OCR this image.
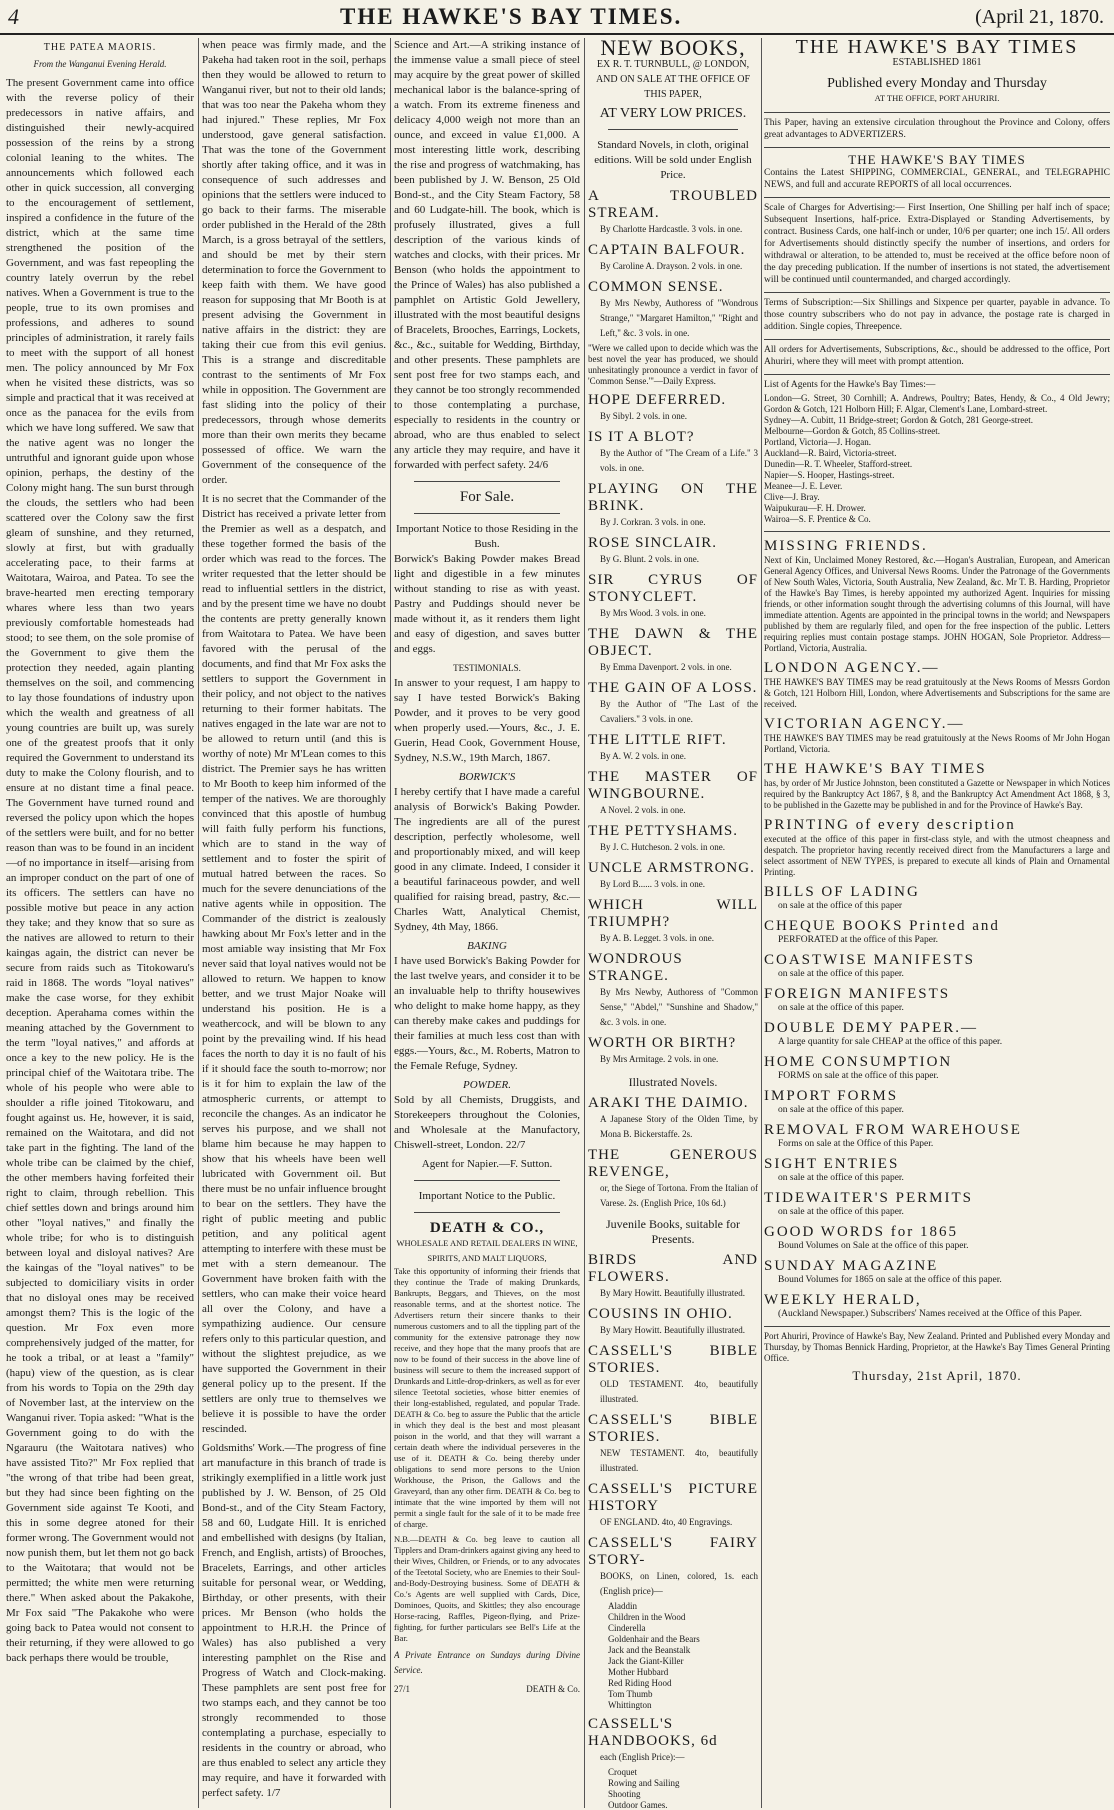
4	THE HAWKE'S BAY TIMES.	(April 21, 1870.
THE PATEA MAORIS.
From the Wanganui Evening Herald.

The present Government came into office with the reverse policy of their predecessors in native affairs, and distinguished their newly-acquired possession of the reins by a strong colonial leaning to the whites. The announcements which followed each other in quick succession, all converging to the encouragement of settlement, inspired a confidence in the future of the district, which at the same time strengthened the position of the Government, and was fast repeopling the country lately overrun by the rebel natives. When a Government is true to the people, true to its own promises and professions, and adheres to sound principles of administration, it rarely fails to meet with the support of all honest men. The policy announced by Mr Fox when he visited these districts, was so simple and practical that it was received at once as the panacea for the evils from which we have long suffered. We saw that the native agent was no longer the untruthful and ignorant guide upon whose opinion, perhaps, the destiny of the Colony might hang. The sun burst through the clouds, the settlers who had been scattered over the Colony saw the first gleam of sunshine, and they returned, slowly at first, but with gradually accelerating pace, to their farms at Waitotara, Wairoa, and Patea. To see the brave-hearted men erecting temporary whares where less than two years previously comfortable homesteads had stood; to see them, on the sole promise of the Government to give them the protection they needed, again planting themselves on the soil, and commencing to lay those foundations of industry upon which the wealth and greatness of all young countries are built up, was surely one of the greatest proofs that it only required the Government to understand its duty to make the Colony flourish, and to ensure at no distant time a final peace. The Government have turned round and reversed the policy upon which the hopes of the settlers were built, and for no better reason than was to be found in an incident—of no importance in itself—arising from an improper conduct on the part of one of its officers. The settlers can have no possible motive but peace in any action they take; and they know that so sure as the natives are allowed to return to their kaingas again, the district can never be secure from raids such as Titokowaru's raid in 1868. The words "loyal natives" make the case worse, for they exhibit deception. Aperahama comes within the meaning attached by the Government to the term "loyal natives," and affords at once a key to the new policy. He is the principal chief of the Waitotara tribe. The whole of his people who were able to shoulder a rifle joined Titokowaru, and fought against us. He, however, it is said, remained on the Waitotara, and did not take part in the fighting. The land of the whole tribe can be claimed by the chief, the other members having forfeited their right to claim, through rebellion. This chief settles down and brings around him other "loyal natives," and finally the whole tribe; for who is to distinguish between loyal and disloyal natives? Are the kaingas of the "loyal natives" to be subjected to domiciliary visits in order that no disloyal ones may be received amongst them? This is the logic of the question. Mr Fox even more comprehensively judged of the matter, for he took a tribal, or at least a "family" (hapu) view of the question, as is clear from his words to Topia on the 29th day of November last, at the interview on the Wanganui river. Topia asked: "What is the Government going to do with the Ngarauru (the Waitotara natives) who have assisted Tito?" Mr Fox replied that "the wrong of that tribe had been great, but they had since been fighting on the Government side against Te Kooti, and this in some degree atoned for their former wrong. The Government would not now punish them, but let them not go back to the Waitotara; that would not be permitted; the white men were returning there." When asked about the Pakakohe, Mr Fox said "The Pakakohe who were going back to Patea would not consent to their returning, if they were allowed to go back perhaps there would be trouble,

when peace was firmly made, and the Pakeha had taken root in the soil, perhaps then they would be allowed to return to Wanganui river, but not to their old lands; that was too near the Pakeha whom they had injured." These replies, Mr Fox understood, gave general satisfaction. That was the tone of the Government shortly after taking office, and it was in consequence of such addresses and opinions that the settlers were induced to go back to their farms. The miserable order published in the Herald of the 28th March, is a gross betrayal of the settlers, and should be met by their stern determination to force the Government to keep faith with them. We have good reason for supposing that Mr Booth is at present advising the Government in native affairs in the district: they are taking their cue from this evil genius. This is a strange and discreditable contrast to the sentiments of Mr Fox while in opposition. The Government are fast sliding into the policy of their predecessors, through whose demerits more than their own merits they became possessed of office. We warn the Government of the consequence of the order.

It is no secret that the Commander of the District has received a private letter from the Premier as well as a despatch, and these together formed the basis of the order which was read to the forces. The writer requested that the letter should be read to influential settlers in the district, and by the present time we have no doubt the contents are pretty generally known from Waitotara to Patea. We have been favored with the perusal of the documents, and find that Mr Fox asks the settlers to support the Government in their policy, and not object to the natives returning to their former habitats. The natives engaged in the late war are not to be allowed to return until (and this is worthy of note) Mr M'Lean comes to this district. The Premier says he has written to Mr Booth to keep him informed of the temper of the natives. We are thoroughly convinced that this apostle of humbug will faith fully perform his functions, which are to stand in the way of settlement and to foster the spirit of mutual hatred between the races. So much for the severe denunciations of the native agents while in opposition. The Commander of the district is zealously hawking about Mr Fox's letter and in the most amiable way insisting that Mr Fox never said that loyal natives would not be allowed to return. We happen to know better, and we trust Major Noake will understand his position. He is a weathercock, and will be blown to any point by the prevailing wind. If his head faces the north to day it is no fault of his if it should face the south to-morrow; nor is it for him to explain the law of the atmospheric currents, or attempt to reconcile the changes. As an indicator he serves his purpose, and we shall not blame him because he may happen to show that his wheels have been well lubricated with Government oil. But there must be no unfair influence brought to bear on the settlers. They have the right of public meeting and public petition, and any political agent attempting to interfere with these must be met with a stern demeanour. The Government have broken faith with the settlers, who can make their voice heard all over the Colony, and have a sympathizing audience. Our censure refers only to this particular question, and without the slightest prejudice, as we have supported the Government in their general policy up to the present. If the settlers are only true to themselves we believe it is possible to have the order rescinded.

Goldsmiths' Work.—The progress of fine art manufacture in this branch of trade is strikingly exemplified in a little work just published by J. W. Benson, of 25 Old Bond-st., and of the City Steam Factory, 58 and 60, Ludgate Hill. It is enriched and embellished with designs (by Italian, French, and English, artists) of Brooches, Bracelets, Earrings, and other articles suitable for personal wear, or Wedding, Birthday, or other presents, with their prices. Mr Benson (who holds the appointment to H.R.H. the Prince of Wales) has also published a very interesting pamphlet on the Rise and Progress of Watch and Clock-making. These pamphlets are sent post free for two stamps each, and they cannot be too strongly recommended to those contemplating a purchase, especially to residents in the country or abroad, who are thus enabled to select any article they may require, and have it forwarded with perfect safety. 1/7

Science and Art.—A striking instance of the immense value a small piece of steel may acquire by the great power of skilled mechanical labor is the balance-spring of a watch. From its extreme fineness and delicacy 4,000 weigh not more than an ounce, and exceed in value £1,000. A most interesting little work, describing the rise and progress of watchmaking, has been published by J. W. Benson, 25 Old Bond-st., and the City Steam Factory, 58 and 60 Ludgate-hill. The book, which is profusely illustrated, gives a full description of the various kinds of watches and clocks, with their prices. Mr Benson (who holds the appointment to the Prince of Wales) has also published a pamphlet on Artistic Gold Jewellery, illustrated with the most beautiful designs of Bracelets, Brooches, Earrings, Lockets, &c., &c., suitable for Wedding, Birthday, and other presents. These pamphlets are sent post free for two stamps each, and they cannot be too strongly recommended to those contemplating a purchase, especially to residents in the country or abroad, who are thus enabled to select any article they may require, and have it forwarded with perfect safety. 24/6

For Sale.
Important Notice to those Residing in the Bush.

Borwick's Baking Powder makes Bread light and digestible in a few minutes without standing to rise as with yeast. Pastry and Puddings should never be made without it, as it renders them light and easy of digestion, and saves butter and eggs.

TESTIMONIALS.

In answer to your request, I am happy to say I have tested Borwick's Baking Powder, and it proves to be very good when properly used.—Yours, &c., J. E. Guerin, Head Cook, Government House, Sydney, N.S.W., 19th March, 1867.

BORWICK'S

I hereby certify that I have made a careful analysis of Borwick's Baking Powder. The ingredients are all of the purest description, perfectly wholesome, well and proportionably mixed, and will keep good in any climate. Indeed, I consider it a beautiful farinaceous powder, and well qualified for raising bread, pastry, &c.—Charles Watt, Analytical Chemist, Sydney, 4th May, 1866.

BAKING

I have used Borwick's Baking Powder for the last twelve years, and consider it to be an invaluable help to thrifty housewives who delight to make home happy, as they can thereby make cakes and puddings for their families at much less cost than with eggs.—Yours, &c., M. Roberts, Matron to the Female Refuge, Sydney.

POWDER.

Sold by all Chemists, Druggists, and Storekeepers throughout the Colonies, and Wholesale at the Manufactory, Chiswell-street, London. 22/7

Agent for Napier.—F. Sutton.

Important Notice to the Public.
DEATH & CO.,
WHOLESALE AND RETAIL DEALERS IN WINE, SPIRITS, AND MALT LIQUORS,

Take this opportunity of informing their friends that they continue the Trade of making Drunkards, Bankrupts, Beggars, and Thieves, on the most reasonable terms, and at the shortest notice. The Advertisers return their sincere thanks to their numerous customers and to all the tippling part of the community for the extensive patronage they now receive, and they hope that the many proofs that are now to be found of their success in the above line of business will secure to them the increased support of Drunkards and Little-drop-drinkers, as well as for ever silence Teetotal societies, whose bitter enemies of their long-established, regulated, and popular Trade. DEATH & Co. beg to assure the Public that the article in which they deal is the best and most pleasant poison in the world, and that they will warrant a certain death where the individual perseveres in the use of it. DEATH & Co. being thereby under obligations to send more persons to the Union Workhouse, the Prison, the Gallows and the Graveyard, than any other firm. DEATH & Co. beg to intimate that the wine imported by them will not permit a single fault for the sale of it to be made free of charge.

N.B.—DEATH & Co. beg leave to caution all Tipplers and Dram-drinkers against giving any heed to their Wives, Children, or Friends, or to any advocates of the Teetotal Society, who are Enemies to their Soul-and-Body-Destroying business. Some of DEATH & Co.'s Agents are well supplied with Cards, Dice, Dominoes, Quoits, and Skittles; they also encourage Horse-racing, Raffles, Pigeon-flying, and Prize-fighting, for further particulars see Bell's Life at the Bar.

A Private Entrance on Sundays during Divine Service.

27/1	DEATH & Co.
NEW BOOKS,
EX R. T. TURNBULL, @ LONDON, AND ON SALE AT THE OFFICE OF THIS PAPER,
AT VERY LOW PRICES.
Standard Novels, in cloth, original editions. Will be sold under English Price.
A TROUBLED STREAM.
By Charlotte Hardcastle. 3 vols. in one.
CAPTAIN BALFOUR.
By Caroline A. Drayson. 2 vols. in one.
COMMON SENSE.
By Mrs Newby, Authoress of "Wondrous Strange," "Margaret Hamilton," "Right and Left," &c. 3 vols. in one.
"Were we called upon to decide which was the best novel the year has produced, we should unhesitatingly pronounce a verdict in favor of 'Common Sense.'"—Daily Express.
HOPE DEFERRED.
By Sibyl. 2 vols. in one.
IS IT A BLOT?
By the Author of "The Cream of a Life." 3 vols. in one.
PLAYING ON THE BRINK.
By J. Corkran. 3 vols. in one.
ROSE SINCLAIR.
By G. Blunt. 2 vols. in one.
SIR CYRUS OF STONYCLEFT.
By Mrs Wood. 3 vols. in one.
THE DAWN & THE OBJECT.
By Emma Davenport. 2 vols. in one.
THE GAIN OF A LOSS.
By the Author of "The Last of the Cavaliers." 3 vols. in one.
THE LITTLE RIFT.
By A. W. 2 vols. in one.
THE MASTER OF WINGBOURNE.
A Novel. 2 vols. in one.
THE PETTYSHAMS.
By J. C. Hutcheson. 2 vols. in one.
UNCLE ARMSTRONG.
By Lord B...... 3 vols. in one.
WHICH WILL TRIUMPH?
By A. B. Legget. 3 vols. in one.
WONDROUS STRANGE.
By Mrs Newby, Authoress of "Common Sense," "Abdel," "Sunshine and Shadow," &c. 3 vols. in one.
WORTH OR BIRTH?
By Mrs Armitage. 2 vols. in one.
Illustrated Novels.
ARAKI THE DAIMIO.
A Japanese Story of the Olden Time, by Mona B. Bickerstaffe. 2s.
THE GENEROUS REVENGE,
or, the Siege of Tortona. From the Italian of Varese. 2s. (English Price, 10s 6d.)
Juvenile Books, suitable for Presents.
BIRDS AND FLOWERS.
By Mary Howitt. Beautifully illustrated.
COUSINS IN OHIO.
By Mary Howitt. Beautifully illustrated.
CASSELL'S BIBLE STORIES.
OLD TESTAMENT. 4to, beautifully illustrated.
CASSELL'S BIBLE STORIES.
NEW TESTAMENT. 4to, beautifully illustrated.
CASSELL'S PICTURE HISTORY
OF ENGLAND. 4to, 40 Engravings.
CASSELL'S FAIRY STORY-
BOOKS, on Linen, colored, 1s. each (English price)—
Aladdin
Children in the Wood
Cinderella
Goldenhair and the Bears
Jack and the Beanstalk
Jack the Giant-Killer
Mother Hubbard
Red Riding Hood
Tom Thumb
Whittington
CASSELL'S HANDBOOKS, 6d
each (English Price):—
Croquet
Rowing and Sailing
Shooting
Outdoor Games.
THE HAWKE'S BAY TIMES
ESTABLISHED 1861
Published every Monday and Thursday
AT THE OFFICE, PORT AHURIRI.

This Paper, having an extensive circulation throughout the Province and Colony, offers great advantages to ADVERTIZERS.

THE HAWKE'S BAY TIMES

Contains the Latest SHIPPING, COMMERCIAL, GENERAL, and TELEGRAPHIC NEWS, and full and accurate REPORTS of all local occurrences.

Scale of Charges for Advertising:— First Insertion, One Shilling per half inch of space; Subsequent Insertions, half-price. Extra-Displayed or Standing Advertisements, by contract. Business Cards, one half-inch or under, 10/6 per quarter; one inch 15/. All orders for Advertisements should distinctly specify the number of insertions, and orders for withdrawal or alteration, to be attended to, must be received at the office before noon of the day preceding publication. If the number of insertions is not stated, the advertisement will be continued until countermanded, and charged accordingly.

Terms of Subscription:—Six Shillings and Sixpence per quarter, payable in advance. To those country subscribers who do not pay in advance, the postage rate is charged in addition. Single copies, Threepence.

All orders for Advertisements, Subscriptions, &c., should be addressed to the office, Port Ahuriri, where they will meet with prompt attention.

List of Agents for the Hawke's Bay Times:—
London—G. Street, 30 Cornhill; A. Andrews, Poultry; Bates, Hendy, & Co., 4 Old Jewry; Gordon & Gotch, 121 Holborn Hill; F. Algar, Clement's Lane, Lombard-street.
Sydney—A. Cubitt, 11 Bridge-street; Gordon & Gotch, 281 George-street.
Melbourne—Gordon & Gotch, 85 Collins-street.
Portland, Victoria—J. Hogan.
Auckland—R. Baird, Victoria-street.
Dunedin—R. T. Wheeler, Stafford-street.
Napier—S. Hooper, Hastings-street.
Meanee—J. E. Lever.
Clive—J. Bray.
Waipukurau—F. H. Drower.
Wairoa—S. F. Prentice & Co.
MISSING FRIENDS.

Next of Kin, Unclaimed Money Restored, &c.—Hogan's Australian, European, and American General Agency Offices, and Universal News Rooms. Under the Patronage of the Governments of New South Wales, Victoria, South Australia, New Zealand, &c. Mr T. B. Harding, Proprietor of the Hawke's Bay Times, is hereby appointed my authorized Agent. Inquiries for missing friends, or other information sought through the advertising columns of this Journal, will have immediate attention. Agents are appointed in the principal towns in the world; and Newspapers published by them are regularly filed, and open for the free inspection of the public. Letters requiring replies must contain postage stamps. JOHN HOGAN, Sole Proprietor. Address—Portland, Victoria, Australia.

LONDON AGENCY.—

THE HAWKE'S BAY TIMES may be read gratuitously at the News Rooms of Messrs Gordon & Gotch, 121 Holborn Hill, London, where Advertisements and Subscriptions for the same are received.

VICTORIAN AGENCY.—

THE HAWKE'S BAY TIMES may be read gratuitously at the News Rooms of Mr John Hogan Portland, Victoria.

THE HAWKE'S BAY TIMES

has, by order of Mr Justice Johnston, been constituted a Gazette or Newspaper in which Notices required by the Bankruptcy Act 1867, § 8, and the Bankruptcy Act Amendment Act 1868, § 3, to be published in the Gazette may be published in and for the Province of Hawke's Bay.

PRINTING of every description

executed at the office of this paper in first-class style, and with the utmost cheapness and despatch. The proprietor having recently received direct from the Manufacturers a large and select assortment of NEW TYPES, is prepared to execute all kinds of Plain and Ornamental Printing.

BILLS OF LADING
on sale at the office of this paper
CHEQUE BOOKS Printed and
PERFORATED at the office of this Paper.
COASTWISE MANIFESTS
on sale at the office of this paper.
FOREIGN MANIFESTS
on sale at the office of this paper.
DOUBLE DEMY PAPER.—
A large quantity for sale CHEAP at the office of this paper.
HOME CONSUMPTION
FORMS on sale at the office of this paper.
IMPORT FORMS
on sale at the office of this paper.
REMOVAL FROM WAREHOUSE
Forms on sale at the Office of this Paper.
SIGHT ENTRIES
on sale at the office of this paper.
TIDEWAITER'S PERMITS
on sale at the office of this paper.
GOOD WORDS for 1865
Bound Volumes on Sale at the office of this paper.
SUNDAY MAGAZINE
Bound Volumes for 1865 on sale at the office of this paper.
WEEKLY HERALD,
(Auckland Newspaper.) Subscribers' Names received at the Office of this Paper.

Port Ahuriri, Province of Hawke's Bay, New Zealand. Printed and Published every Monday and Thursday, by Thomas Bennick Harding, Proprietor, at the Hawke's Bay Times General Printing Office.

Thursday, 21st April, 1870.
